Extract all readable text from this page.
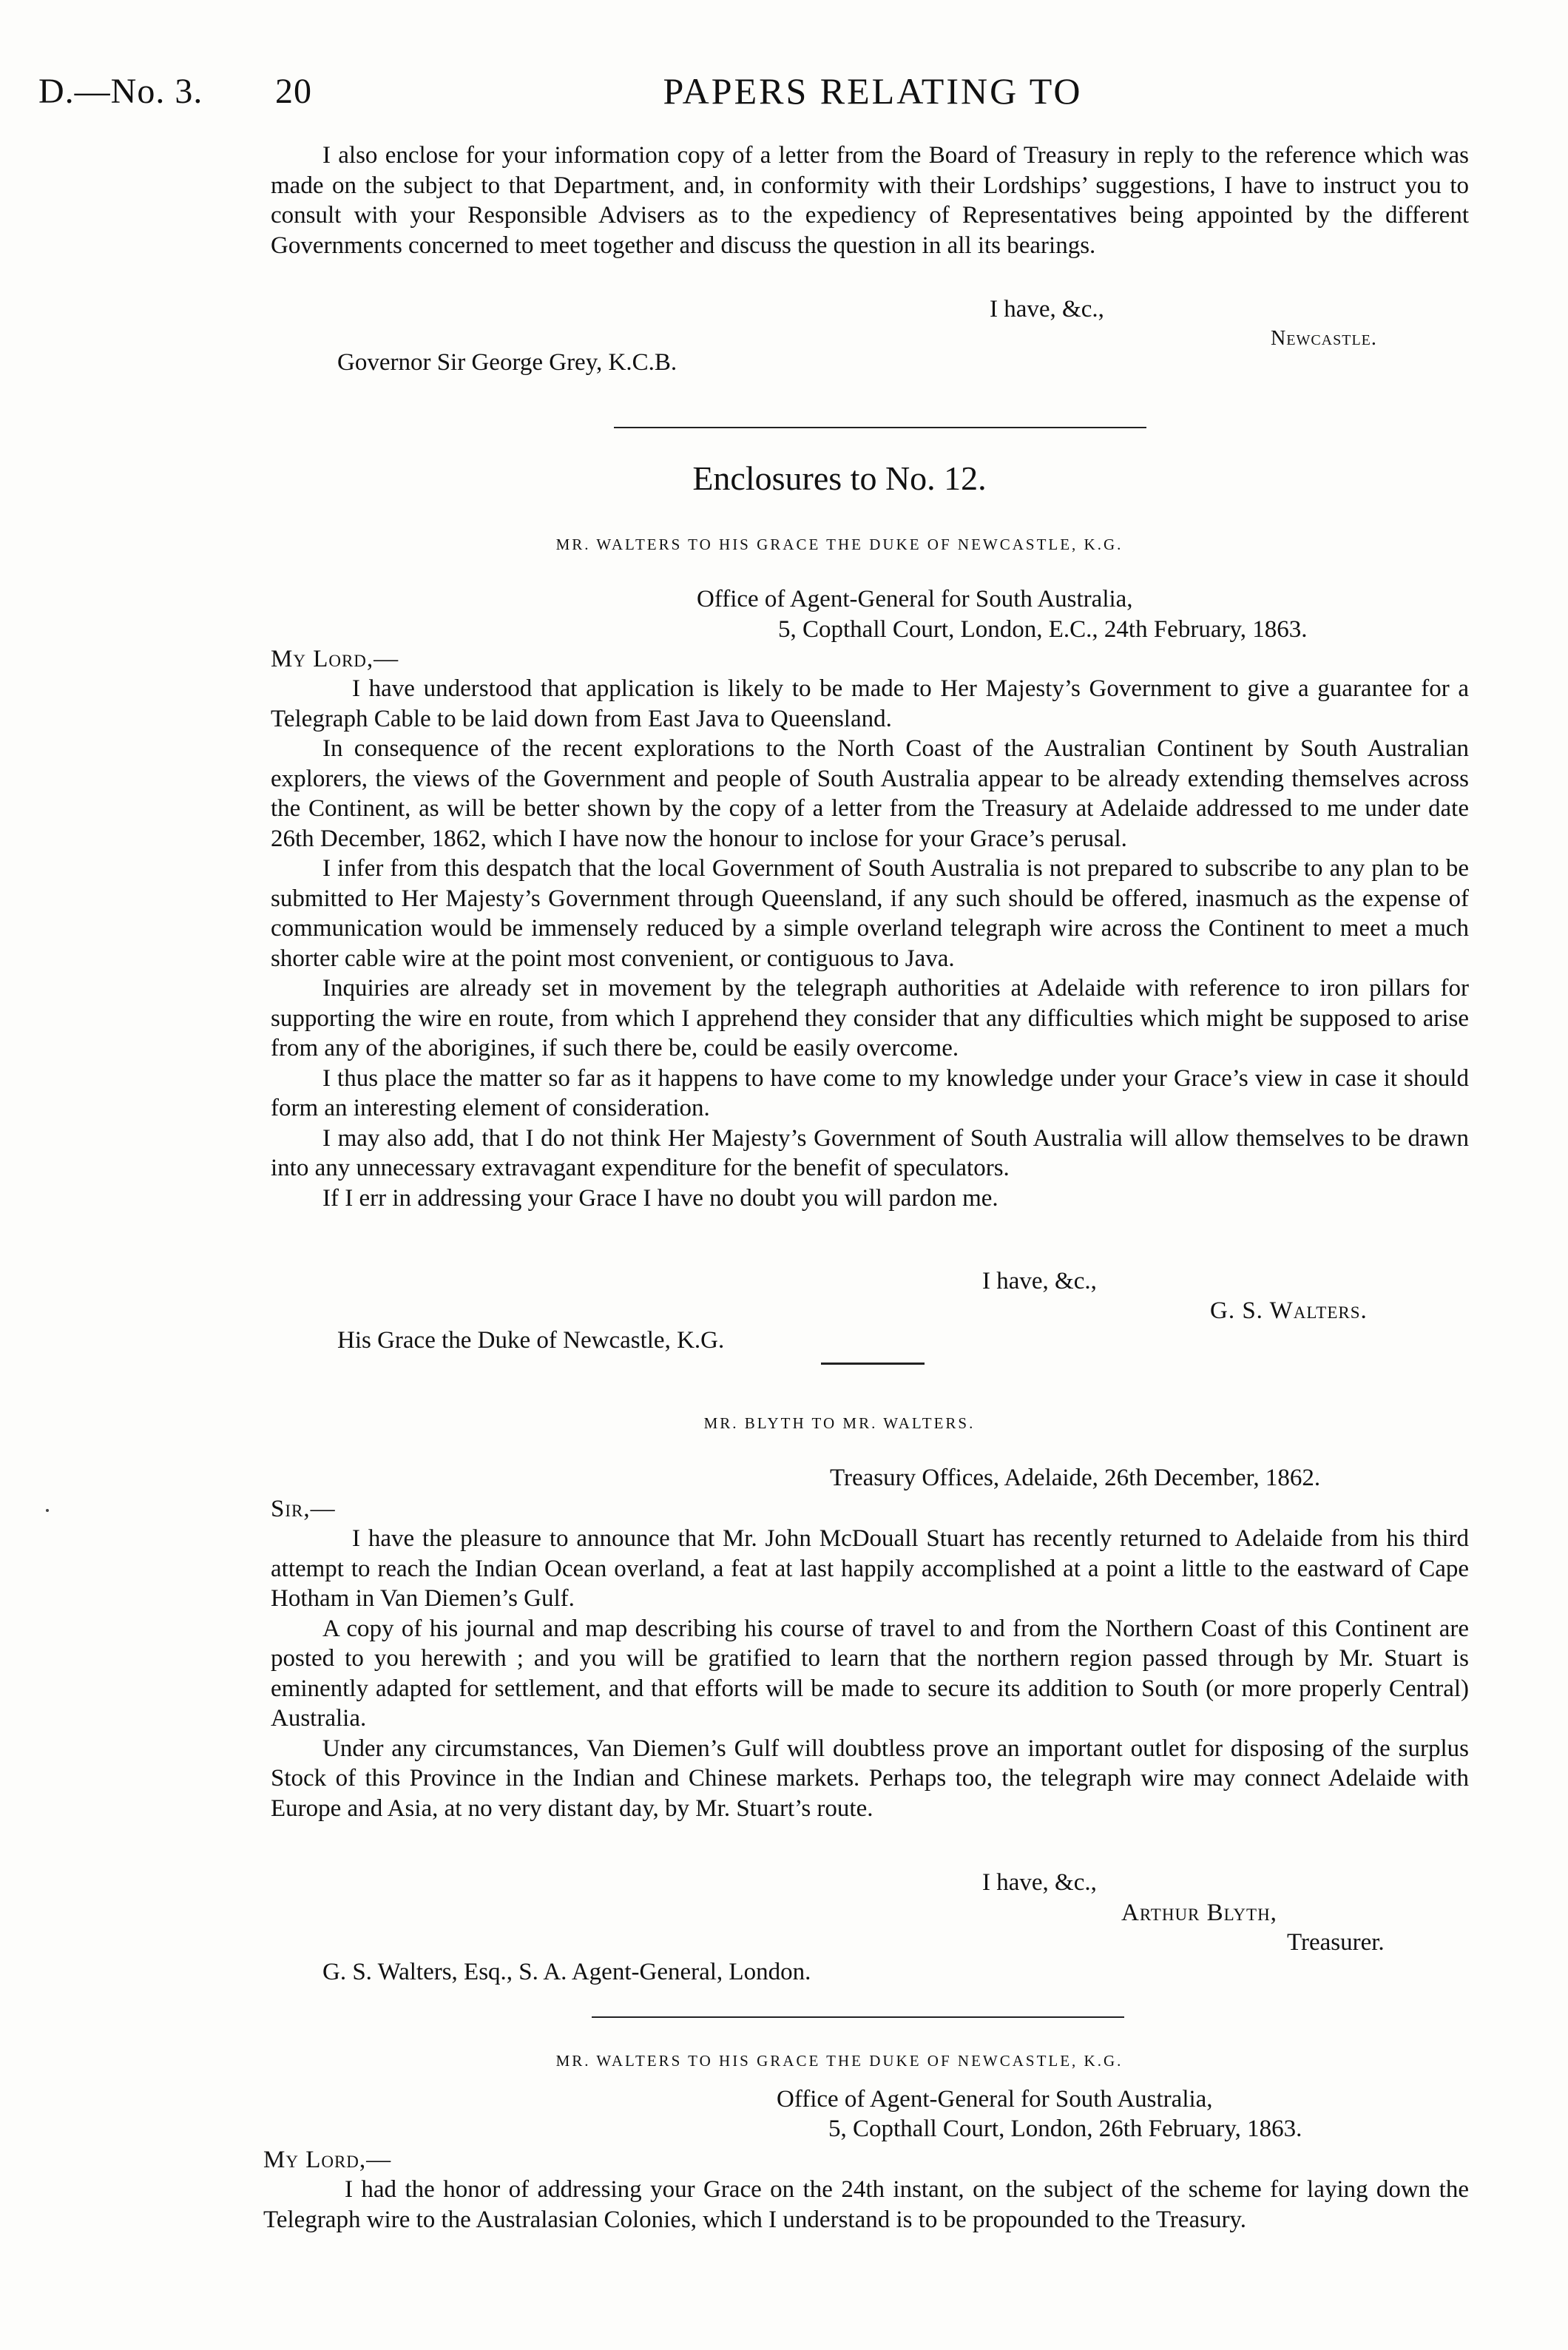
D.—No. 3. 20	PAPERS RELATING TO

I also enclose for your information copy of a letter from the Board of Treasury in reply to the reference which was made on the subject to that Department, and, in conformity with their Lordships’ suggestions, I have to instruct you to consult with your Responsible Advisers as to the expediency of Representatives being appointed by the different Governments concerned to meet together and discuss the question in all its bearings.

I have, &c.,
Newcastle.
Governor Sir George Grey, K.C.B.
Enclosures to No. 12.
MR. WALTERS TO HIS GRACE THE DUKE OF NEWCASTLE, K.G.
Office of Agent-General for South Australia,
5, Copthall Court, London, E.C., 24th February, 1863.
My Lord,—

I have understood that application is likely to be made to Her Majesty’s Government to give a guarantee for a Telegraph Cable to be laid down from East Java to Queensland.

In consequence of the recent explorations to the North Coast of the Australian Continent by South Australian explorers, the views of the Government and people of South Australia appear to be already extending themselves across the Continent, as will be better shown by the copy of a letter from the Treasury at Adelaide addressed to me under date 26th December, 1862, which I have now the honour to inclose for your Grace’s perusal.

I infer from this despatch that the local Government of South Australia is not prepared to subscribe to any plan to be submitted to Her Majesty’s Government through Queensland, if any such should be offered, inasmuch as the expense of communication would be immensely reduced by a simple overland telegraph wire across the Continent to meet a much shorter cable wire at the point most convenient, or contiguous to Java.

Inquiries are already set in movement by the telegraph authorities at Adelaide with reference to iron pillars for supporting the wire en route, from which I apprehend they consider that any difficulties which might be supposed to arise from any of the aborigines, if such there be, could be easily overcome.

I thus place the matter so far as it happens to have come to my knowledge under your Grace’s view in case it should form an interesting element of consideration.

I may also add, that I do not think Her Majesty’s Government of South Australia will allow themselves to be drawn into any unnecessary extravagant expenditure for the benefit of speculators.

If I err in addressing your Grace I have no doubt you will pardon me.

I have, &c.,
G. S. Walters.
His Grace the Duke of Newcastle, K.G.
MR. BLYTH TO MR. WALTERS.
Treasury Offices, Adelaide, 26th December, 1862.
Sir,—

I have the pleasure to announce that Mr. John McDouall Stuart has recently returned to Adelaide from his third attempt to reach the Indian Ocean overland, a feat at last happily accomplished at a point a little to the eastward of Cape Hotham in Van Diemen’s Gulf.

A copy of his journal and map describing his course of travel to and from the Northern Coast of this Continent are posted to you herewith ; and you will be gratified to learn that the northern region passed through by Mr. Stuart is eminently adapted for settlement, and that efforts will be made to secure its addition to South (or more properly Central) Australia.

Under any circumstances, Van Diemen’s Gulf will doubtless prove an important outlet for disposing of the surplus Stock of this Province in the Indian and Chinese markets. Perhaps too, the telegraph wire may connect Adelaide with Europe and Asia, at no very distant day, by Mr. Stuart’s route.

I have, &c.,
Arthur Blyth,
Treasurer.
G. S. Walters, Esq., S. A. Agent-General, London.
MR. WALTERS TO HIS GRACE THE DUKE OF NEWCASTLE, K.G.
Office of Agent-General for South Australia,
5, Copthall Court, London, 26th February, 1863.
My Lord,—

I had the honor of addressing your Grace on the 24th instant, on the subject of the scheme for laying down the Telegraph wire to the Australasian Colonies, which I understand is to be propounded to the Treasury.
